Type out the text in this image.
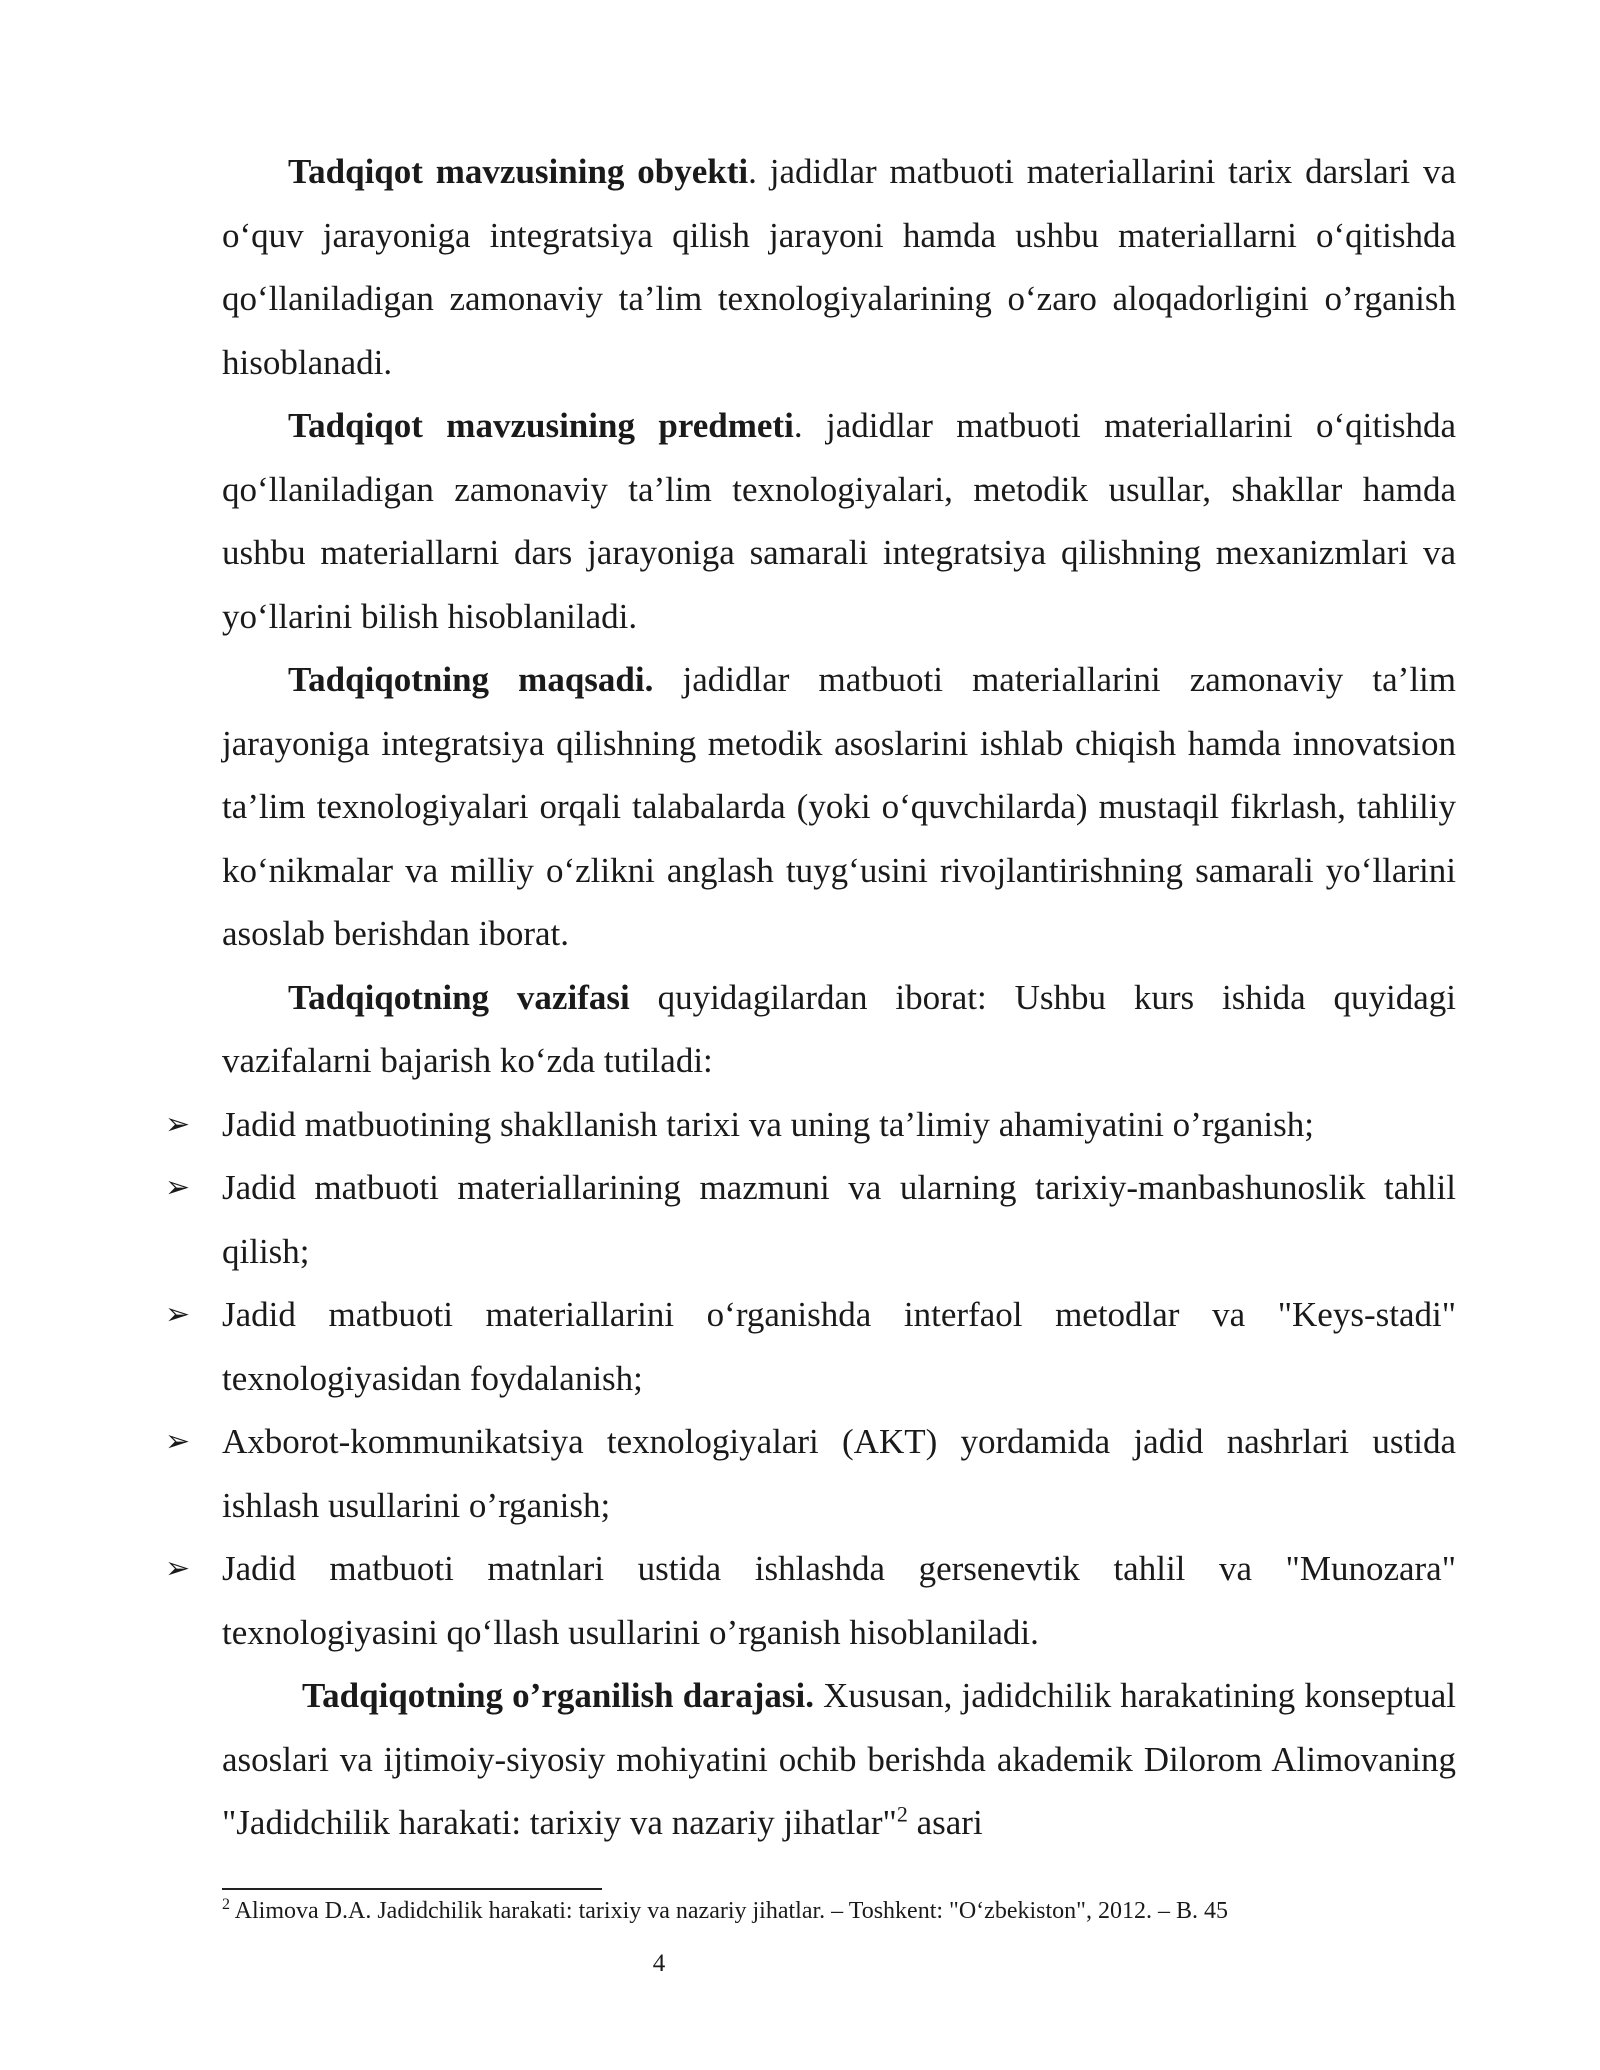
Tadqiqot mavzusining obyekti. jadidlar matbuoti materiallarini tarix darslari va o‘quv jarayoniga integratsiya qilish jarayoni hamda ushbu materiallarni o‘qitishda qo‘llaniladigan zamonaviy ta’lim texnologiyalarining o‘zaro aloqadorligini o’rganish hisoblanadi.

Tadqiqot mavzusining predmeti. jadidlar matbuoti materiallarini o‘qitishda qo‘llaniladigan zamonaviy ta’lim texnologiyalari, metodik usullar, shakllar hamda ushbu materiallarni dars jarayoniga samarali integratsiya qilishning mexanizmlari va yo‘llarini bilish hisoblaniladi.

Tadqiqotning maqsadi. jadidlar matbuoti materiallarini zamonaviy ta’lim jarayoniga integratsiya qilishning metodik asoslarini ishlab chiqish hamda innovatsion ta’lim texnologiyalari orqali talabalarda (yoki o‘quvchilarda) mustaqil fikrlash, tahliliy ko‘nikmalar va milliy o‘zlikni anglash tuyg‘usini rivojlantirishning samarali yo‘llarini asoslab berishdan iborat.

Tadqiqotning vazifasi quyidagilardan iborat: Ushbu kurs ishida quyidagi vazifalarni bajarish ko‘zda tutiladi:

➢ Jadid matbuotining shakllanish tarixi va uning ta’limiy ahamiyatini o’rganish;
➢ Jadid matbuoti materiallarining mazmuni va ularning tarixiy-manbashunoslik tahlil qilish;
➢ Jadid matbuoti materiallarini o‘rganishda interfaol metodlar va "Keys-stadi" texnologiyasidan foydalanish;
➢ Axborot-kommunikatsiya texnologiyalari (AKT) yordamida jadid nashrlari ustida ishlash usullarini o’rganish;
➢ Jadid matbuoti matnlari ustida ishlashda gersenevtik tahlil va "Munozara" texnologiyasini qo‘llash usullarini o’rganish hisoblaniladi.

Tadqiqotning o’rganilish darajasi. Xususan, jadidchilik harakatining konseptual asoslari va ijtimoiy-siyosiy mohiyatini ochib berishda akademik Dilorom Alimovaning "Jadidchilik harakati: tarixiy va nazariy jihatlar"$^2$ asari

$^2$ Alimova D.A. Jadidchilik harakati: tarixiy va nazariy jihatlar. – Toshkent: "O‘zbekiston", 2012. – B. 45
4
